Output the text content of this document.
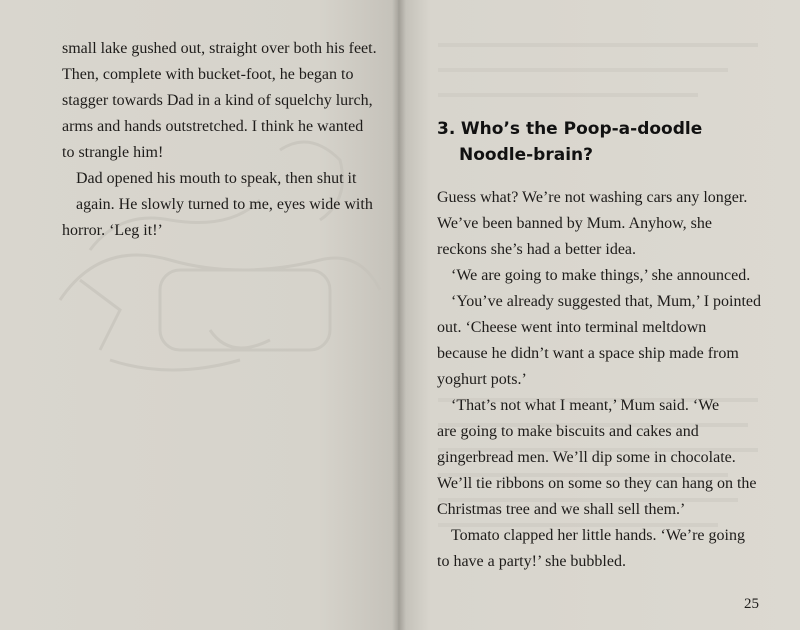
small lake gushed out, straight over both his feet.
Then, complete with bucket-foot, he began to
stagger towards Dad in a kind of squelchy lurch,
arms and hands outstretched. I think he wanted
to strangle him!
Dad opened his mouth to speak, then shut it
again. He slowly turned to me, eyes wide with
horror. ‘Leg it!’
3. Who’s the Poop-a-doodle
Noodle-brain?
Guess what? We’re not washing cars any longer.
We’ve been banned by Mum. Anyhow, she
reckons she’s had a better idea.
‘We are going to make things,’ she announced.
‘You’ve already suggested that, Mum,’ I pointed
out. ‘Cheese went into terminal meltdown
because he didn’t want a space ship made from
yoghurt pots.’
‘That’s not what I meant,’ Mum said. ‘We
are going to make biscuits and cakes and
gingerbread men. We’ll dip some in chocolate.
We’ll tie ribbons on some so they can hang on the
Christmas tree and we shall sell them.’
Tomato clapped her little hands. ‘We’re going
to have a party!’ she bubbled.
25
